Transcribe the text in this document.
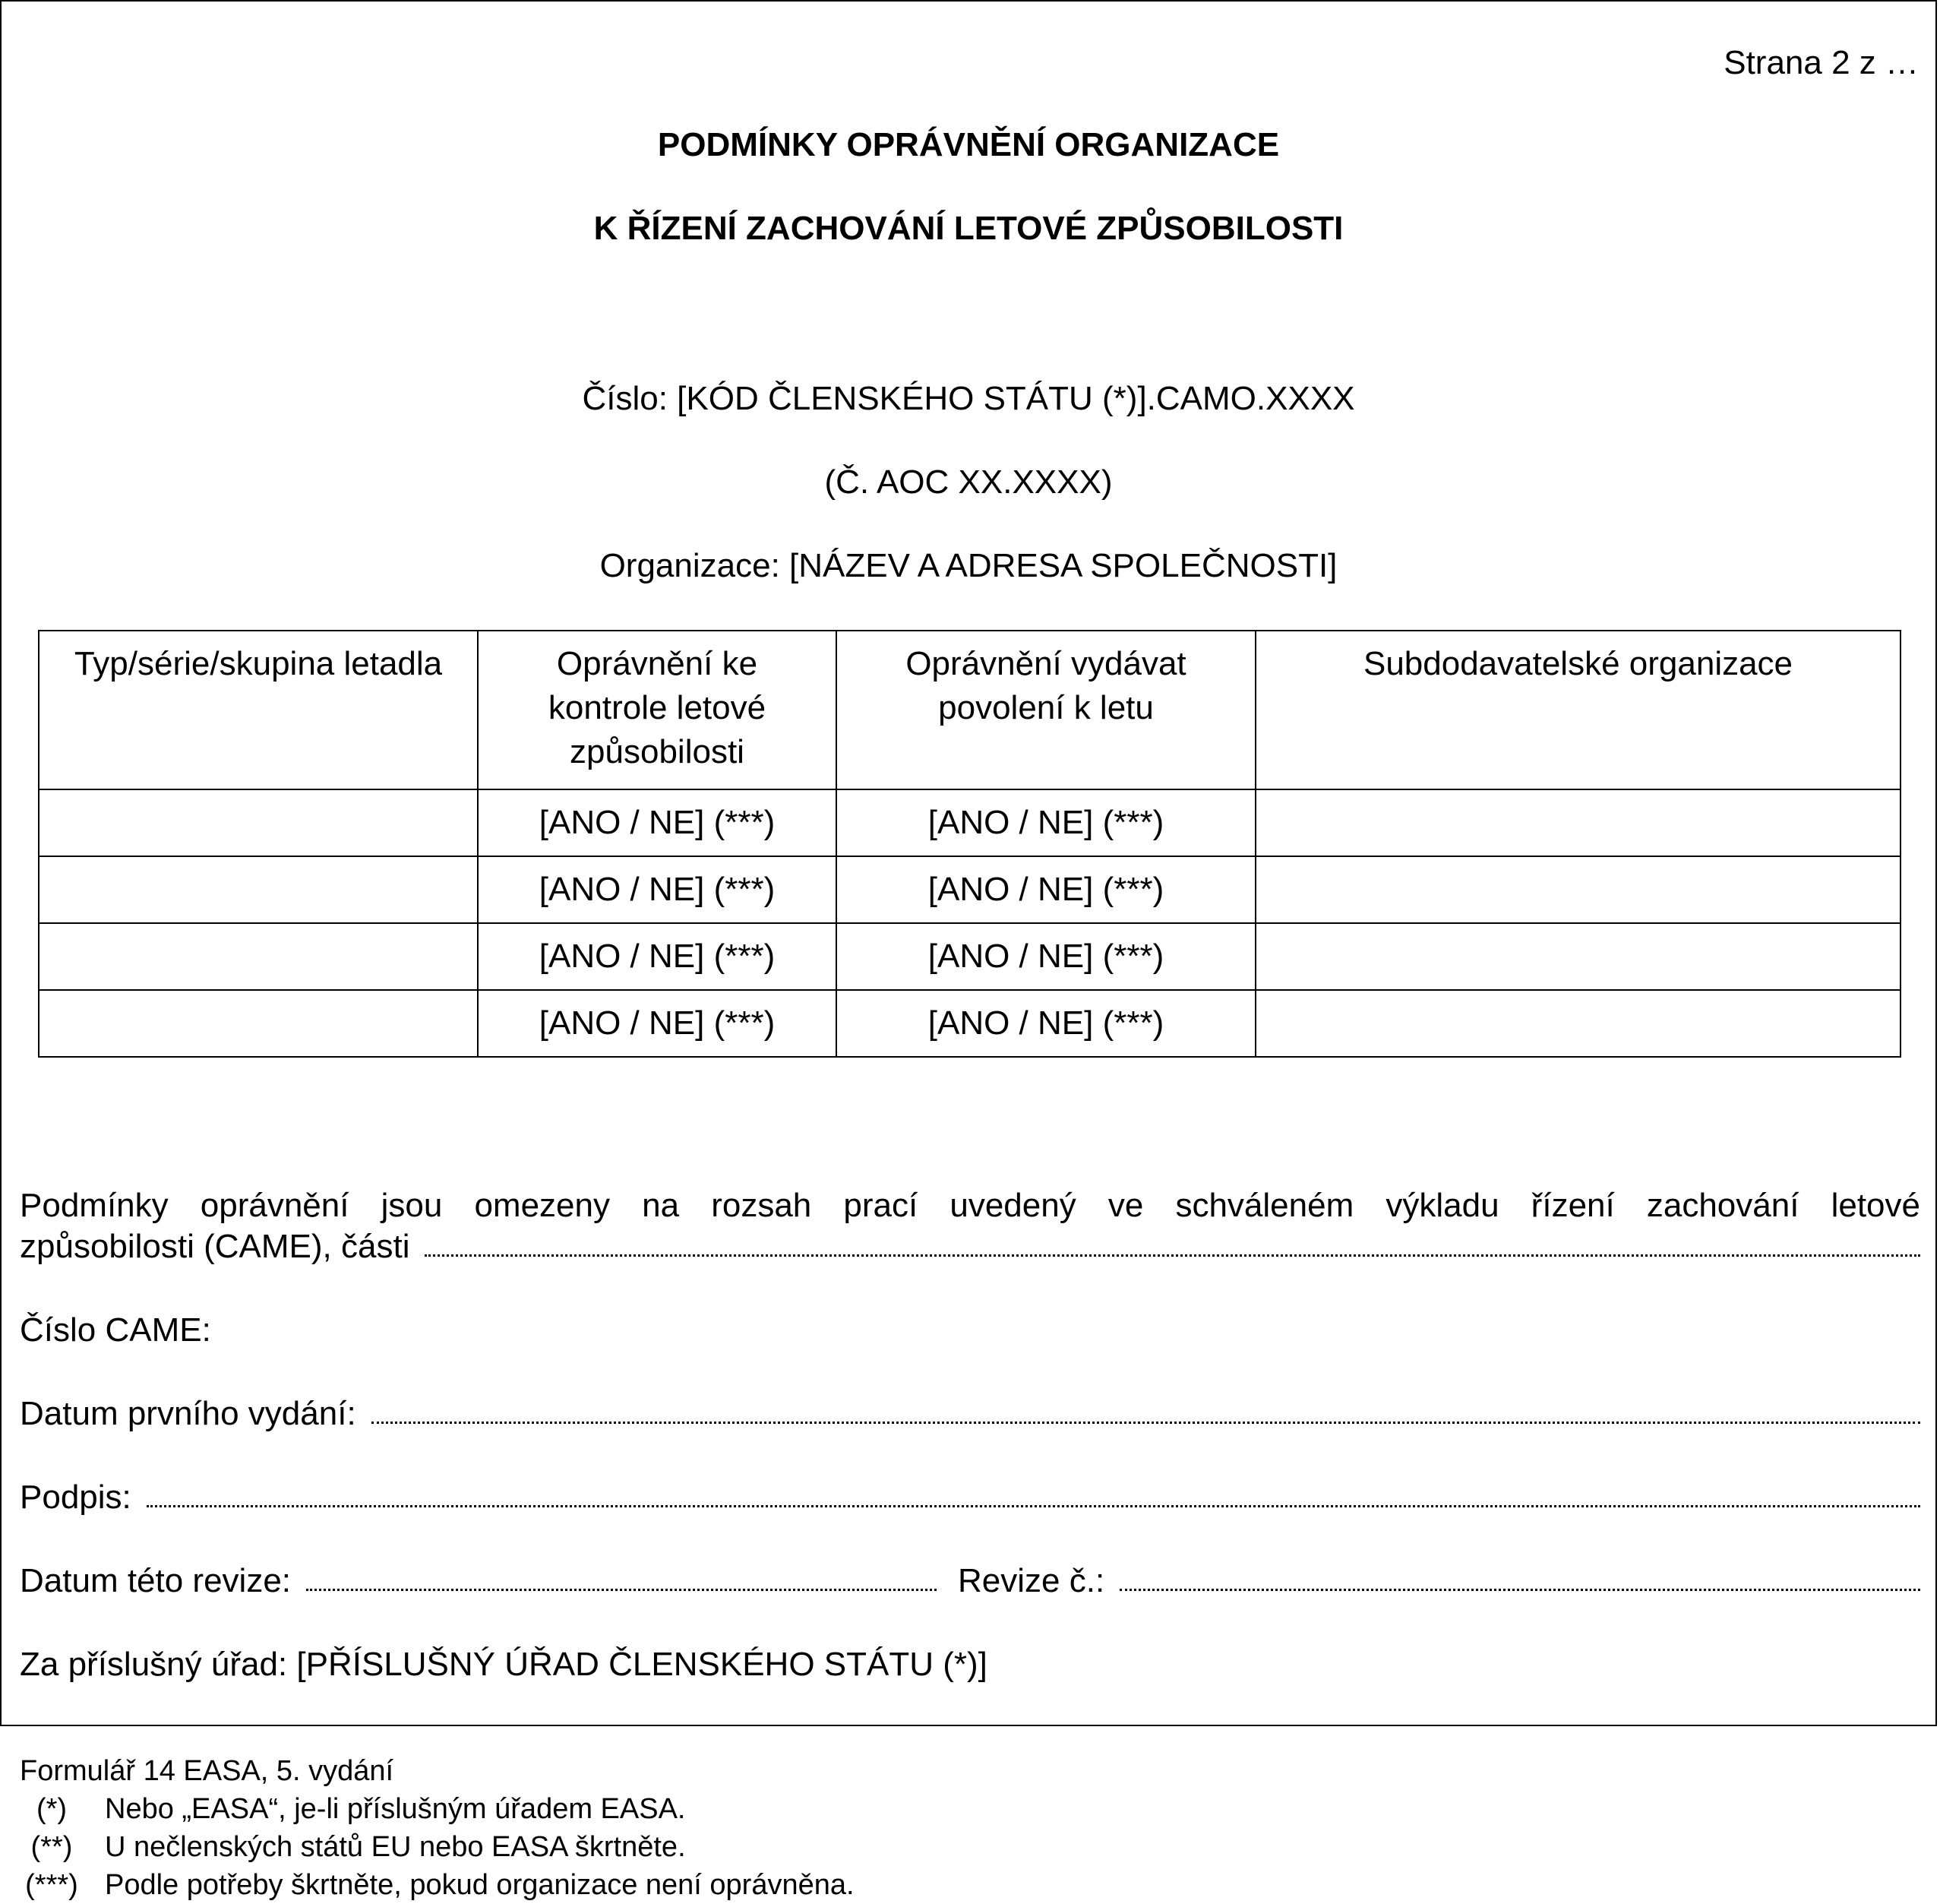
Strana 2 z …
PODMÍNKY OPRÁVNĚNÍ ORGANIZACE
K ŘÍZENÍ ZACHOVÁNÍ LETOVÉ ZPŮSOBILOSTI
Číslo: [KÓD ČLENSKÉHO STÁTU (*)].CAMO.XXXX
(Č. AOC XX.XXXX)
Organizace: [NÁZEV A ADRESA SPOLEČNOSTI]
Typ/série/skupina letadla	Oprávnění ke kontrole letové způsobilosti	Oprávnění vydávat povolení k letu	Subdodavatelské organizace
	[ANO / NE] (***)	[ANO / NE] (***)	
	[ANO / NE] (***)	[ANO / NE] (***)	
	[ANO / NE] (***)	[ANO / NE] (***)	
	[ANO / NE] (***)	[ANO / NE] (***)	
Podmínky oprávnění jsou omezeny na rozsah prací uvedený ve schváleném výkladu řízení zachování letové
způsobilosti (CAME), části
Číslo CAME:
Datum prvního vydání:
Podpis:
Datum této revize:	Revize č.:
Za příslušný úřad: [PŘÍSLUŠNÝ ÚŘAD ČLENSKÉHO STÁTU (*)]
Formulář 14 EASA, 5. vydání
(*)	Nebo „EASA“, je-li příslušným úřadem EASA.
(**)	U nečlenských států EU nebo EASA škrtněte.
(***) Podle potřeby škrtněte, pokud organizace není oprávněna.
